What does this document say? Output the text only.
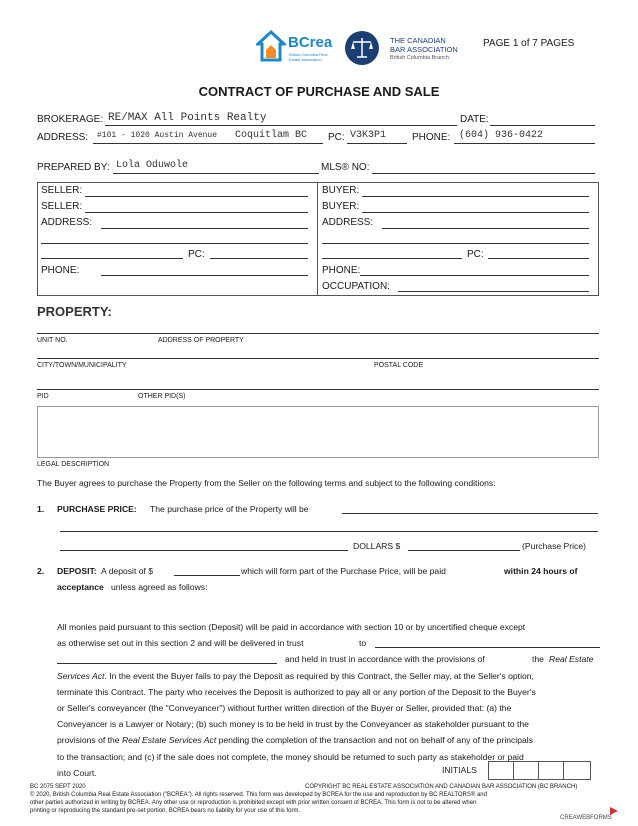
BCrea
British Columbia Real Estate Association
THE CANADIAN
BAR ASSOCIATION
British Columbia Branch
PAGE 1 of 7 PAGES
CONTRACT OF PURCHASE AND SALE
BROKERAGE: RE/MAX All Points Realty	DATE:
ADDRESS: #101 - 1020 Austin Avenue Coquitlam BC PC: V3K3P1	PHONE: (604) 936-0422
PREPARED BY: Lola Oduwole	MLS® NO:
SELLER:
SELLER:
ADDRESS:
PC:
PHONE:
BUYER:
BUYER:
ADDRESS:
PC:
PHONE:
OCCUPATION:
PROPERTY:
UNIT NO.	ADDRESS OF PROPERTY
CITY/TOWN/MUNICIPALITY	POSTAL CODE
PID	OTHER PID(S)
LEGAL DESCRIPTION
The Buyer agrees to purchase the Property from the Seller on the following terms and subject to the following conditions:
1. PURCHASE PRICE: The purchase price of the Property will be
DOLLARS $	(Purchase Price)
2. DEPOSIT: A deposit of $	which will form part of the Purchase Price, will be paid	within 24 hours of
acceptance unless agreed as follows:
All monies paid pursuant to this section (Deposit) will be paid in accordance with section 10 or by uncertified cheque except
as otherwise set out in this section 2 and will be delivered in trust	to
and held in trust in accordance with the provisions of	the Real Estate
Services Act. In the event the Buyer fails to pay the Deposit as required by this Contract, the Seller may, at the Seller's option,
terminate this Contract. The party who receives the Deposit is authorized to pay all or any portion of the Deposit to the Buyer's
or Seller's conveyancer (the "Conveyancer") without further written direction of the Buyer or Seller, provided that: (a) the
Conveyancer is a Lawyer or Notary; (b) such money is to be held in trust by the Conveyancer as stakeholder pursuant to the
provisions of the Real Estate Services Act pending the completion of the transaction and not on behalf of any of the principals
to the transaction; and (c) if the sale does not complete, the money should be returned to such party as stakeholder or paid
into Court.	INITIALS
BC 2075 SEPT 2020	COPYRIGHT BC REAL ESTATE ASSOCIATION AND CANADIAN BAR ASSOCIATION (BC BRANCH)
© 2020, British Columbia Real Estate Association ("BCREA"). All rights reserved. This form was developed by BCREA for the use and reproduction by BC REALTORS® and
other parties authorized in writing by BCREA. Any other use or reproduction is prohibited except with prior written consent of BCREA. This form is not to be altered when
printing or reproducing the standard pre-set portion. BCREA bears no liability for your use of this form.
CREAWEBFORMS
